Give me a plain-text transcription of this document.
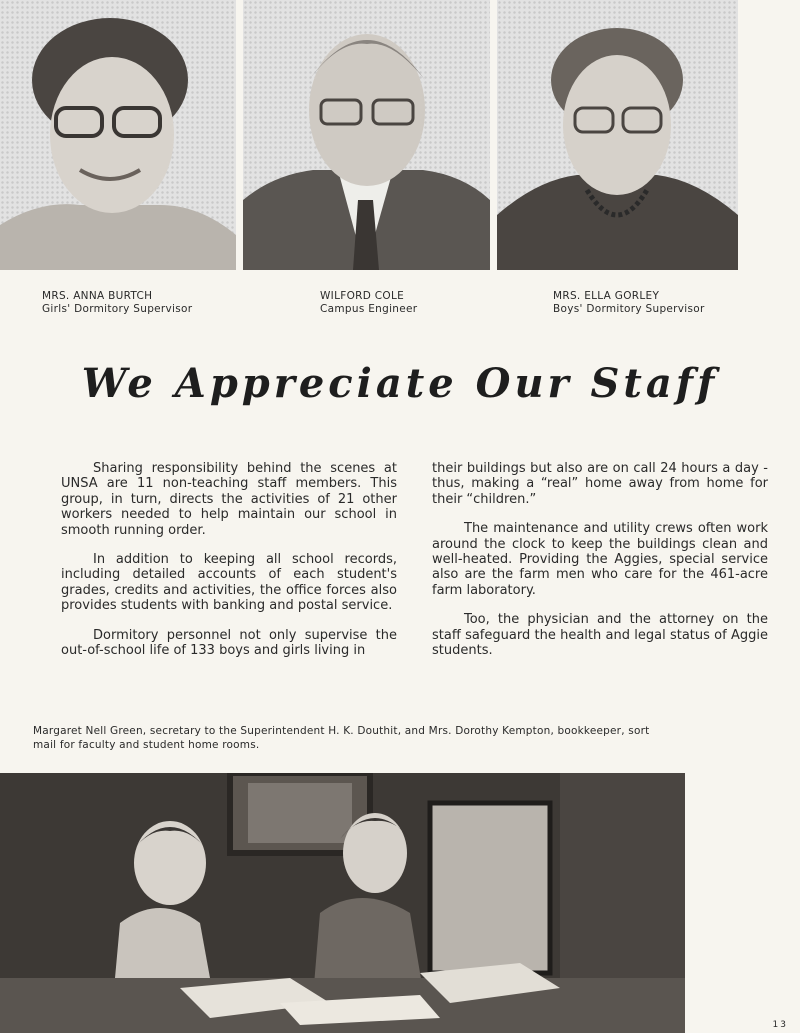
MRS. ANNA BURTCH
Girls' Dormitory Supervisor
WILFORD COLE
Campus Engineer
MRS. ELLA GORLEY
Boys' Dormitory Supervisor
We Appreciate Our Staff

Sharing responsibility behind the scenes at UNSA are 11 non-teaching staff members. This group, in turn, directs the activities of 21 other workers needed to help maintain our school in smooth running order.

In addition to keeping all school records, including detailed accounts of each student's grades, credits and activities, the office forces also provides students with banking and postal service.

Dormitory personnel not only supervise the out-of-school life of 133 boys and girls living in

their buildings but also are on call 24 hours a day - thus, making a “real” home away from home for their “children.”

The maintenance and utility crews often work around the clock to keep the buildings clean and well-heated. Providing the Aggies, special service also are the farm men who care for the 461-acre farm laboratory.

Too, the physician and the attorney on the staff safeguard the health and legal status of Aggie students.

Margaret Nell Green, secretary to the Superintendent H. K. Douthit, and Mrs. Dorothy Kempton, bookkeeper, sort mail for faculty and student home rooms.
13
